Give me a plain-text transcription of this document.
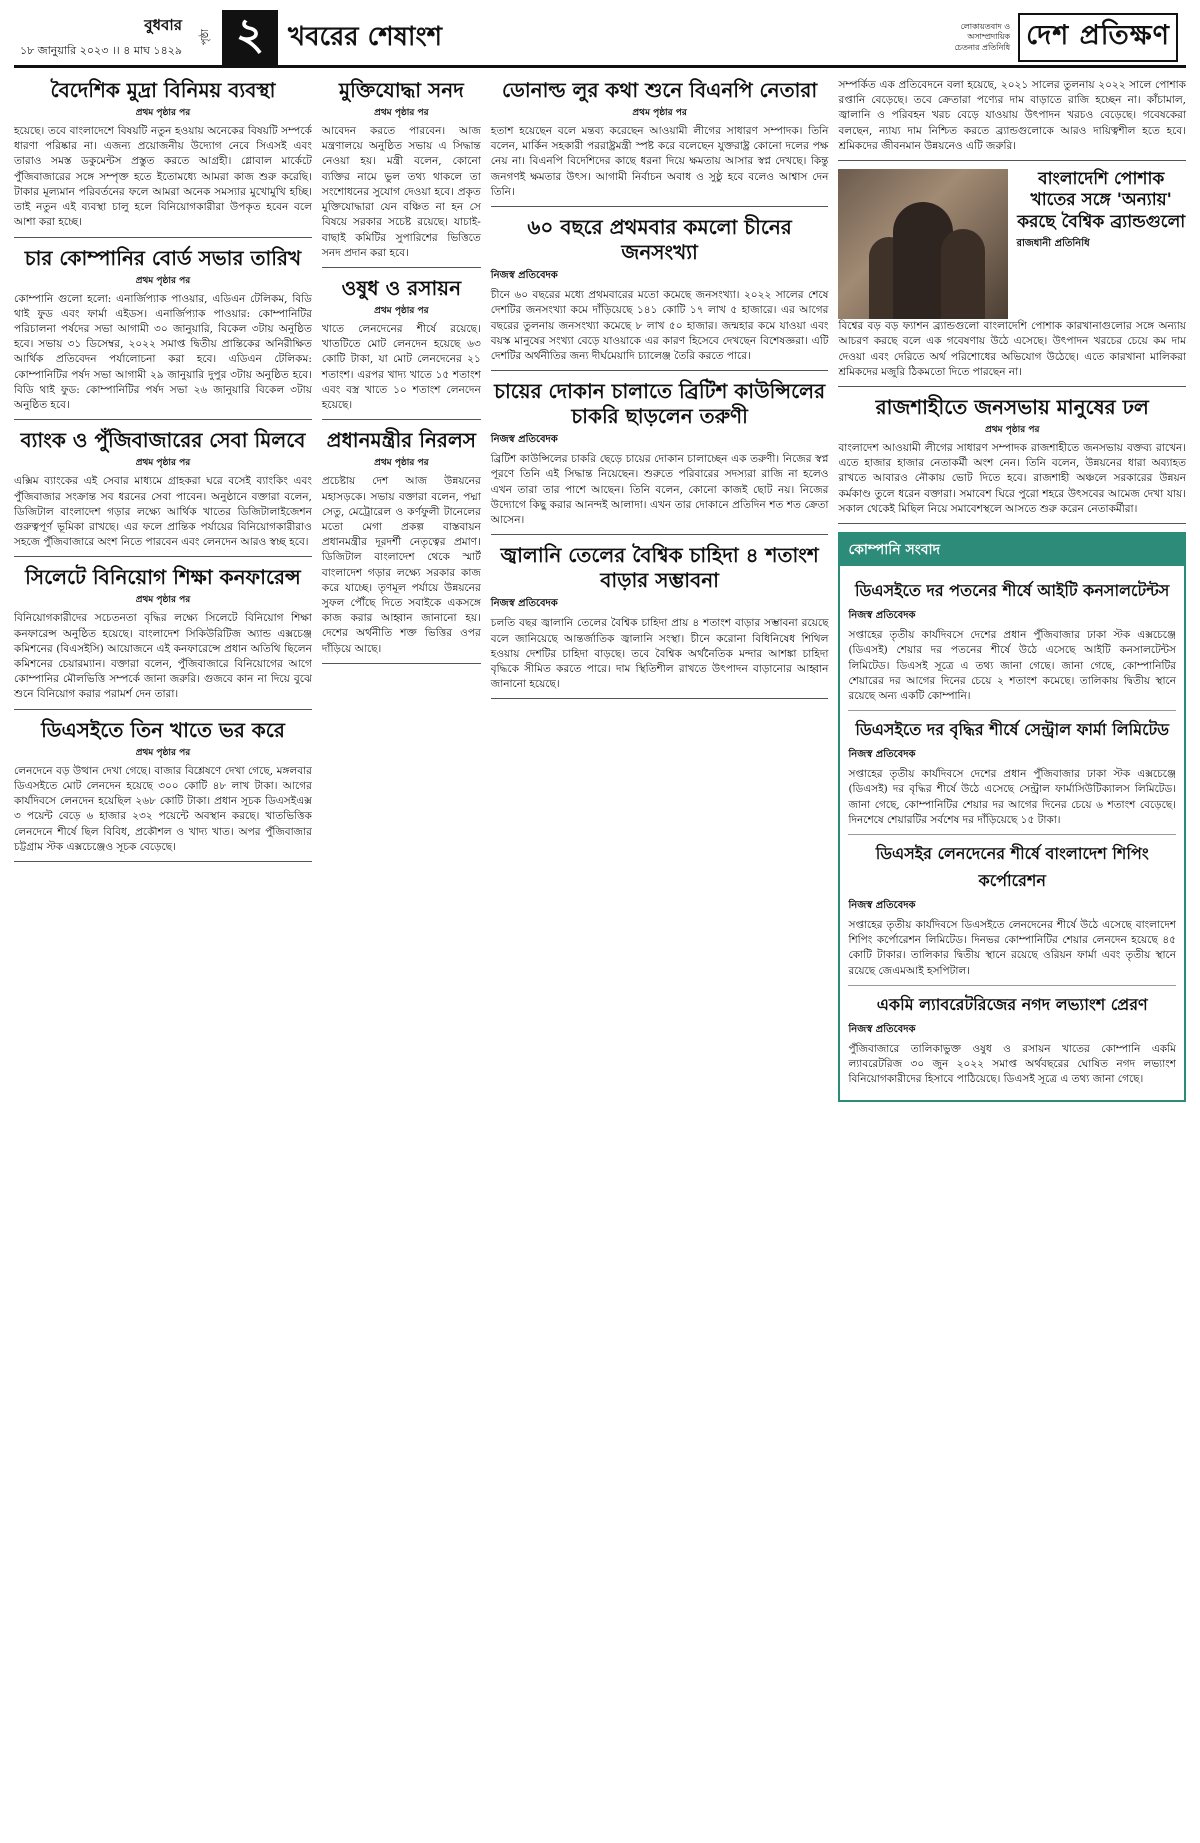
বুধবার
১৮ জানুয়ারি ২০২৩ ।। ৪ মাঘ ১৪২৯
পৃষ্ঠা ২ খবরের শেষাংশ	লোকায়তবাদ ও অসাম্প্রদায়িক চেতনার প্রতিনিধি দেশ প্রতিক্ষণ
বৈদেশিক মুদ্রা বিনিময় ব্যবস্থা
প্রথম পৃষ্ঠার পর
হয়েছে। তবে বাংলাদেশে বিষয়টি নতুন হওয়ায় অনেকের বিষয়টি সম্পর্কে ধারণা পরিষ্কার না। এজন্য প্রয়োজনীয় উদ্যোগ নেবে সিএসই এবং তারাও সমস্ত ডকুমেন্টস প্রস্তুত করতে আগ্রহী। গ্লোবাল মার্কেটে পুঁজিবাজারের সঙ্গে সম্পৃক্ত হতে ইতোমধ্যে আমরা কাজ শুরু করেছি। টাকার মূল্যমান পরিবর্তনের ফলে আমরা অনেক সমস্যার মুখোমুখি হচ্ছি। তাই নতুন এই ব্যবস্থা চালু হলে বিনিয়োগকারীরা উপকৃত হবেন বলে আশা করা হচ্ছে।
চার কোম্পানির বোর্ড সভার তারিখ
প্রথম পৃষ্ঠার পর
কোম্পানি গুলো হলো: এনার্জিপ্যাক পাওয়ার, এডিএন টেলিকম, বিডি থাই ফুড এবং ফার্মা এইডস। এনার্জিপ্যাক পাওয়ার: কোম্পানিটির পরিচালনা পর্ষদের সভা আগামী ৩০ জানুয়ারি, বিকেল ৩টায় অনুষ্ঠিত হবে। সভায় ৩১ ডিসেম্বর, ২০২২ সমাপ্ত দ্বিতীয় প্রান্তিকের অনিরীক্ষিত আর্থিক প্রতিবেদন পর্যালোচনা করা হবে। এডিএন টেলিকম: কোম্পানিটির পর্ষদ সভা আগামী ২৯ জানুয়ারি দুপুর ৩টায় অনুষ্ঠিত হবে। বিডি থাই ফুড: কোম্পানিটির পর্ষদ সভা ২৬ জানুয়ারি বিকেল ৩টায় অনুষ্ঠিত হবে।
ব্যাংক ও পুঁজিবাজারের সেবা মিলবে
প্রথম পৃষ্ঠার পর
এক্সিম ব্যাংকের এই সেবার মাধ্যমে গ্রাহকরা ঘরে বসেই ব্যাংকিং এবং পুঁজিবাজার সংক্রান্ত সব ধরনের সেবা পাবেন। অনুষ্ঠানে বক্তারা বলেন, ডিজিটাল বাংলাদেশ গড়ার লক্ষ্যে আর্থিক খাতের ডিজিটালাইজেশন গুরুত্বপূর্ণ ভূমিকা রাখছে। এর ফলে প্রান্তিক পর্যায়ের বিনিয়োগকারীরাও সহজে পুঁজিবাজারে অংশ নিতে পারবেন এবং লেনদেন আরও স্বচ্ছ হবে।
সিলেটে বিনিয়োগ শিক্ষা কনফারেন্স
প্রথম পৃষ্ঠার পর
বিনিয়োগকারীদের সচেতনতা বৃদ্ধির লক্ষ্যে সিলেটে বিনিয়োগ শিক্ষা কনফারেন্স অনুষ্ঠিত হয়েছে। বাংলাদেশ সিকিউরিটিজ অ্যান্ড এক্সচেঞ্জ কমিশনের (বিএসইসি) আয়োজনে এই কনফারেন্সে প্রধান অতিথি ছিলেন কমিশনের চেয়ারম্যান। বক্তারা বলেন, পুঁজিবাজারে বিনিয়োগের আগে কোম্পানির মৌলভিত্তি সম্পর্কে জানা জরুরি। গুজবে কান না দিয়ে বুঝে শুনে বিনিয়োগ করার পরামর্শ দেন তারা।
ডিএসইতে তিন খাতে ভর করে
প্রথম পৃষ্ঠার পর
লেনদেনে বড় উত্থান দেখা গেছে। বাজার বিশ্লেষণে দেখা গেছে, মঙ্গলবার ডিএসইতে মোট লেনদেন হয়েছে ৩০০ কোটি ৪৮ লাখ টাকা। আগের কার্যদিবসে লেনদেন হয়েছিল ২৬৮ কোটি টাকা। প্রধান সূচক ডিএসইএক্স ৩ পয়েন্ট বেড়ে ৬ হাজার ২৩২ পয়েন্টে অবস্থান করছে। খাতভিত্তিক লেনদেনে শীর্ষে ছিল বিবিধ, প্রকৌশল ও খাদ্য খাত। অপর পুঁজিবাজার চট্টগ্রাম স্টক এক্সচেঞ্জেও সূচক বেড়েছে।
মুক্তিযোদ্ধা সনদ
প্রথম পৃষ্ঠার পর
আবেদন করতে পারবেন। আজ মন্ত্রণালয়ে অনুষ্ঠিত সভায় এ সিদ্ধান্ত নেওয়া হয়। মন্ত্রী বলেন, কোনো ব্যক্তির নামে ভুল তথ্য থাকলে তা সংশোধনের সুযোগ দেওয়া হবে। প্রকৃত মুক্তিযোদ্ধারা যেন বঞ্চিত না হন সে বিষয়ে সরকার সচেষ্ট রয়েছে। যাচাই-বাছাই কমিটির সুপারিশের ভিত্তিতে সনদ প্রদান করা হবে।
ওষুধ ও রসায়ন
প্রথম পৃষ্ঠার পর
খাতে লেনদেনের শীর্ষে রয়েছে। খাতটিতে মোট লেনদেন হয়েছে ৬৩ কোটি টাকা, যা মোট লেনদেনের ২১ শতাংশ। এরপর খাদ্য খাতে ১৫ শতাংশ এবং বস্ত্র খাতে ১০ শতাংশ লেনদেন হয়েছে।
প্রধানমন্ত্রীর নিরলস
প্রথম পৃষ্ঠার পর
প্রচেষ্টায় দেশ আজ উন্নয়নের মহাসড়কে। সভায় বক্তারা বলেন, পদ্মা সেতু, মেট্রোরেল ও কর্ণফুলী টানেলের মতো মেগা প্রকল্প বাস্তবায়ন প্রধানমন্ত্রীর দূরদর্শী নেতৃত্বের প্রমাণ। ডিজিটাল বাংলাদেশ থেকে স্মার্ট বাংলাদেশ গড়ার লক্ষ্যে সরকার কাজ করে যাচ্ছে। তৃণমূল পর্যায়ে উন্নয়নের সুফল পৌঁছে দিতে সবাইকে একসঙ্গে কাজ করার আহ্বান জানানো হয়। দেশের অর্থনীতি শক্ত ভিত্তির ওপর দাঁড়িয়ে আছে।
ডোনাল্ড লুর কথা শুনে বিএনপি নেতারা
প্রথম পৃষ্ঠার পর
হতাশ হয়েছেন বলে মন্তব্য করেছেন আওয়ামী লীগের সাধারণ সম্পাদক। তিনি বলেন, মার্কিন সহকারী পররাষ্ট্রমন্ত্রী স্পষ্ট করে বলেছেন যুক্তরাষ্ট্র কোনো দলের পক্ষ নেয় না। বিএনপি বিদেশিদের কাছে ধরনা দিয়ে ক্ষমতায় আসার স্বপ্ন দেখছে। কিন্তু জনগণই ক্ষমতার উৎস। আগামী নির্বাচন অবাধ ও সুষ্ঠু হবে বলেও আশ্বাস দেন তিনি।
৬০ বছরে প্রথমবার কমলো চীনের জনসংখ্যা
নিজস্ব প্রতিবেদক
চীনে ৬০ বছরের মধ্যে প্রথমবারের মতো কমেছে জনসংখ্যা। ২০২২ সালের শেষে দেশটির জনসংখ্যা কমে দাঁড়িয়েছে ১৪১ কোটি ১৭ লাখ ৫ হাজারে। এর আগের বছরের তুলনায় জনসংখ্যা কমেছে ৮ লাখ ৫০ হাজার। জন্মহার কমে যাওয়া এবং বয়স্ক মানুষের সংখ্যা বেড়ে যাওয়াকে এর কারণ হিসেবে দেখছেন বিশেষজ্ঞরা। এটি দেশটির অর্থনীতির জন্য দীর্ঘমেয়াদি চ্যালেঞ্জ তৈরি করতে পারে।
চায়ের দোকান চালাতে ব্রিটিশ কাউন্সিলের চাকরি ছাড়লেন তরুণী
নিজস্ব প্রতিবেদক
ব্রিটিশ কাউন্সিলের চাকরি ছেড়ে চায়ের দোকান চালাচ্ছেন এক তরুণী। নিজের স্বপ্ন পূরণে তিনি এই সিদ্ধান্ত নিয়েছেন। শুরুতে পরিবারের সদস্যরা রাজি না হলেও এখন তারা তার পাশে আছেন। তিনি বলেন, কোনো কাজই ছোট নয়। নিজের উদ্যোগে কিছু করার আনন্দই আলাদা। এখন তার দোকানে প্রতিদিন শত শত ক্রেতা আসেন।
জ্বালানি তেলের বৈশ্বিক চাহিদা ৪ শতাংশ বাড়ার সম্ভাবনা
নিজস্ব প্রতিবেদক
চলতি বছর জ্বালানি তেলের বৈশ্বিক চাহিদা প্রায় ৪ শতাংশ বাড়ার সম্ভাবনা রয়েছে বলে জানিয়েছে আন্তর্জাতিক জ্বালানি সংস্থা। চীনে করোনা বিধিনিষেধ শিথিল হওয়ায় দেশটির চাহিদা বাড়ছে। তবে বৈশ্বিক অর্থনৈতিক মন্দার আশঙ্কা চাহিদা বৃদ্ধিকে সীমিত করতে পারে। দাম স্থিতিশীল রাখতে উৎপাদন বাড়ানোর আহ্বান জানানো হয়েছে।
সম্পর্কিত এক প্রতিবেদনে বলা হয়েছে, ২০২১ সালের তুলনায় ২০২২ সালে পোশাক রপ্তানি বেড়েছে। তবে ক্রেতারা পণ্যের দাম বাড়াতে রাজি হচ্ছেন না। কাঁচামাল, জ্বালানি ও পরিবহন খরচ বেড়ে যাওয়ায় উৎপাদন খরচও বেড়েছে। গবেষকেরা বলছেন, ন্যায্য দাম নিশ্চিত করতে ব্র্যান্ডগুলোকে আরও দায়িত্বশীল হতে হবে। শ্রমিকদের জীবনমান উন্নয়নেও এটি জরুরি।
বাংলাদেশি পোশাক খাতের সঙ্গে 'অন্যায়' করছে বৈশ্বিক ব্র্যান্ডগুলো
রাজধানী প্রতিনিধি
বিশ্বের বড় বড় ফ্যাশন ব্র্যান্ডগুলো বাংলাদেশি পোশাক কারখানাগুলোর সঙ্গে অন্যায় আচরণ করছে বলে এক গবেষণায় উঠে এসেছে। উৎপাদন খরচের চেয়ে কম দাম দেওয়া এবং দেরিতে অর্থ পরিশোধের অভিযোগ উঠেছে। এতে কারখানা মালিকরা শ্রমিকদের মজুরি ঠিকমতো দিতে পারছেন না।
রাজশাহীতে জনসভায় মানুষের ঢল
প্রথম পৃষ্ঠার পর
বাংলাদেশ আওয়ামী লীগের সাধারণ সম্পাদক রাজশাহীতে জনসভায় বক্তব্য রাখেন। এতে হাজার হাজার নেতাকর্মী অংশ নেন। তিনি বলেন, উন্নয়নের ধারা অব্যাহত রাখতে আবারও নৌকায় ভোট দিতে হবে। রাজশাহী অঞ্চলে সরকারের উন্নয়ন কর্মকাণ্ড তুলে ধরেন বক্তারা। সমাবেশ ঘিরে পুরো শহরে উৎসবের আমেজ দেখা যায়। সকাল থেকেই মিছিল নিয়ে সমাবেশস্থলে আসতে শুরু করেন নেতাকর্মীরা।
কোম্পানি সংবাদ
ডিএসইতে দর পতনের শীর্ষে আইটি কনসালটেন্টস
নিজস্ব প্রতিবেদক
সপ্তাহের তৃতীয় কার্যদিবসে দেশের প্রধান পুঁজিবাজার ঢাকা স্টক এক্সচেঞ্জে (ডিএসই) শেয়ার দর পতনের শীর্ষে উঠে এসেছে আইটি কনসালটেন্টস লিমিটেড। ডিএসই সূত্রে এ তথ্য জানা গেছে। জানা গেছে, কোম্পানিটির শেয়ারের দর আগের দিনের চেয়ে ২ শতাংশ কমেছে। তালিকায় দ্বিতীয় স্থানে রয়েছে অন্য একটি কোম্পানি।
ডিএসইতে দর বৃদ্ধির শীর্ষে সেন্ট্রাল ফার্মা লিমিটেড
নিজস্ব প্রতিবেদক
সপ্তাহের তৃতীয় কার্যদিবসে দেশের প্রধান পুঁজিবাজার ঢাকা স্টক এক্সচেঞ্জে (ডিএসই) দর বৃদ্ধির শীর্ষে উঠে এসেছে সেন্ট্রাল ফার্মাসিউটিক্যালস লিমিটেড। জানা গেছে, কোম্পানিটির শেয়ার দর আগের দিনের চেয়ে ৬ শতাংশ বেড়েছে। দিনশেষে শেয়ারটির সর্বশেষ দর দাঁড়িয়েছে ১৫ টাকা।
ডিএসইর লেনদেনের শীর্ষে বাংলাদেশ শিপিং কর্পোরেশন
নিজস্ব প্রতিবেদক
সপ্তাহের তৃতীয় কার্যদিবসে ডিএসইতে লেনদেনের শীর্ষে উঠে এসেছে বাংলাদেশ শিপিং কর্পোরেশন লিমিটেড। দিনভর কোম্পানিটির শেয়ার লেনদেন হয়েছে ৪৫ কোটি টাকার। তালিকার দ্বিতীয় স্থানে রয়েছে ওরিয়ন ফার্মা এবং তৃতীয় স্থানে রয়েছে জেএমআই হসপিটাল।
একমি ল্যাবরেটরিজের নগদ লভ্যাংশ প্রেরণ
নিজস্ব প্রতিবেদক
পুঁজিবাজারে তালিকাভুক্ত ওষুধ ও রসায়ন খাতের কোম্পানি একমি ল্যাবরেটরিজ ৩০ জুন ২০২২ সমাপ্ত অর্থবছরের ঘোষিত নগদ লভ্যাংশ বিনিয়োগকারীদের হিসাবে পাঠিয়েছে। ডিএসই সূত্রে এ তথ্য জানা গেছে।
